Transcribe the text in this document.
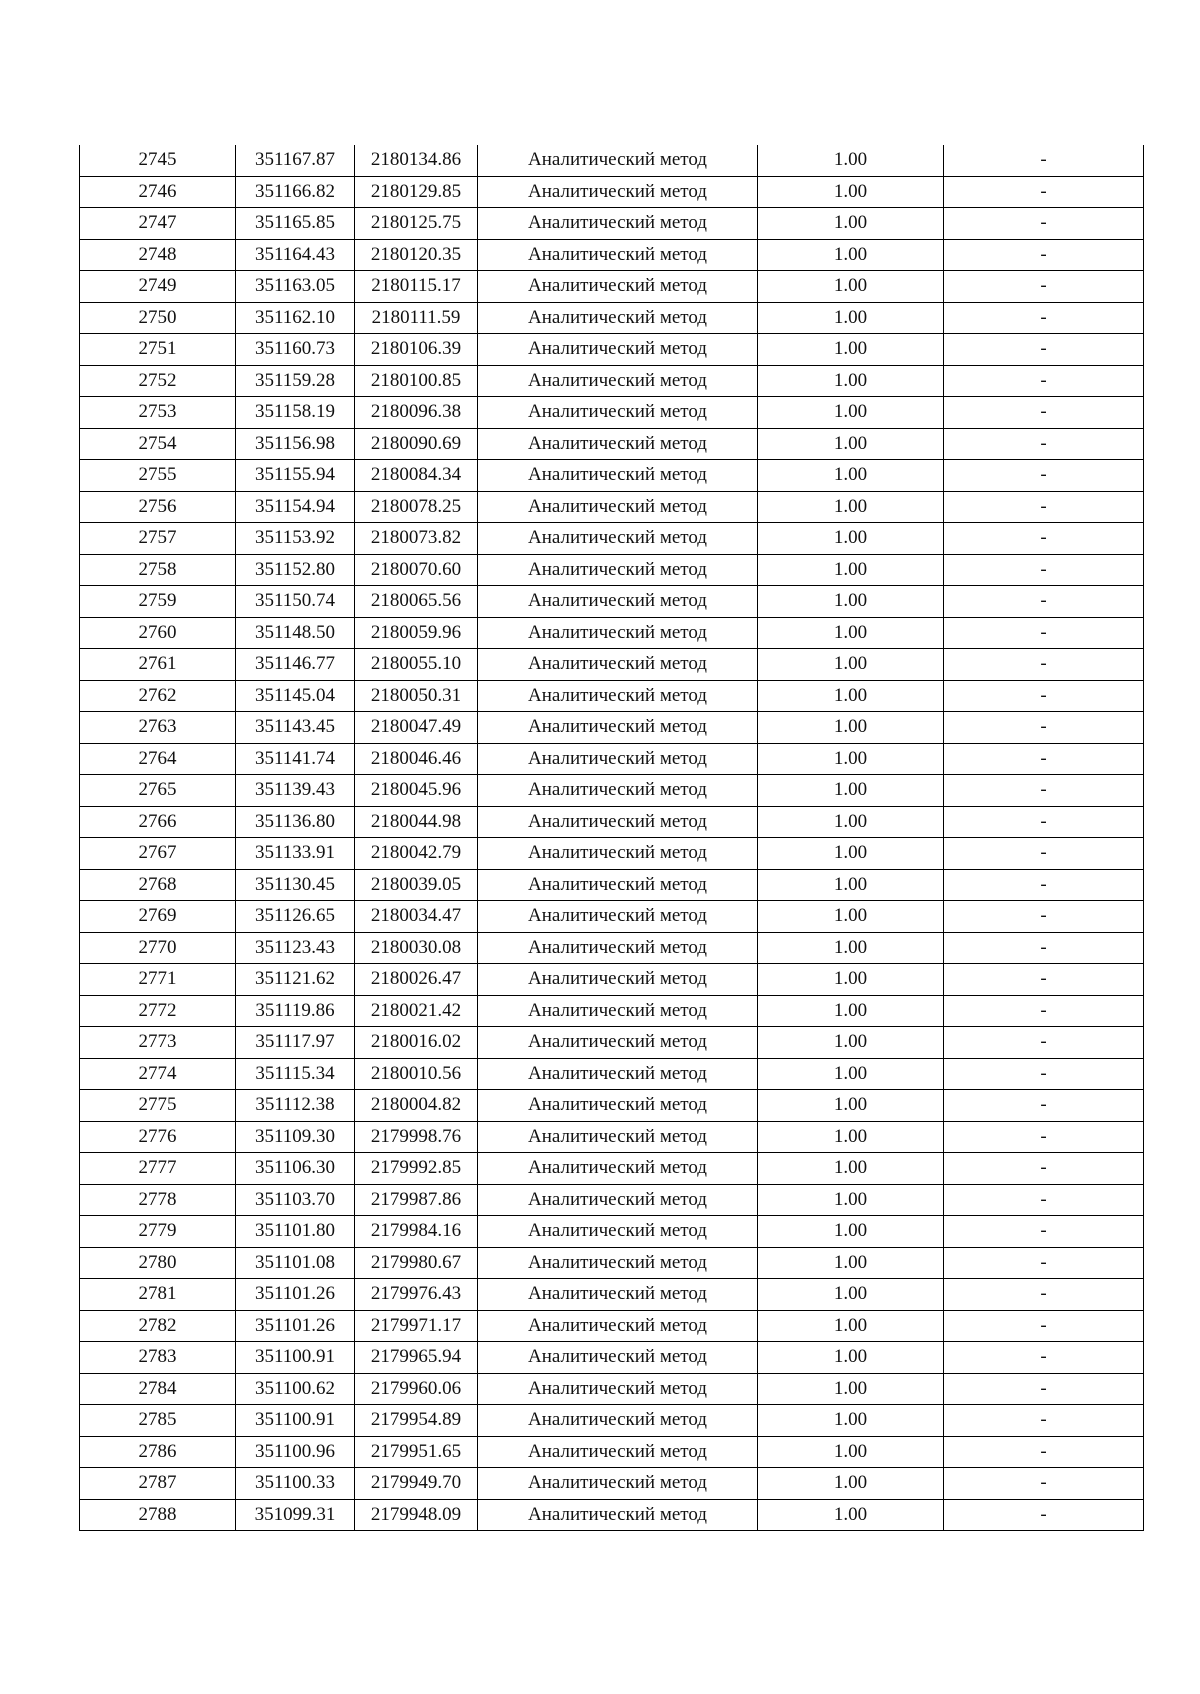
2745	351167.87	2180134.86	Аналитический метод	1.00	-
2746	351166.82	2180129.85	Аналитический метод	1.00	-
2747	351165.85	2180125.75	Аналитический метод	1.00	-
2748	351164.43	2180120.35	Аналитический метод	1.00	-
2749	351163.05	2180115.17	Аналитический метод	1.00	-
2750	351162.10	2180111.59	Аналитический метод	1.00	-
2751	351160.73	2180106.39	Аналитический метод	1.00	-
2752	351159.28	2180100.85	Аналитический метод	1.00	-
2753	351158.19	2180096.38	Аналитический метод	1.00	-
2754	351156.98	2180090.69	Аналитический метод	1.00	-
2755	351155.94	2180084.34	Аналитический метод	1.00	-
2756	351154.94	2180078.25	Аналитический метод	1.00	-
2757	351153.92	2180073.82	Аналитический метод	1.00	-
2758	351152.80	2180070.60	Аналитический метод	1.00	-
2759	351150.74	2180065.56	Аналитический метод	1.00	-
2760	351148.50	2180059.96	Аналитический метод	1.00	-
2761	351146.77	2180055.10	Аналитический метод	1.00	-
2762	351145.04	2180050.31	Аналитический метод	1.00	-
2763	351143.45	2180047.49	Аналитический метод	1.00	-
2764	351141.74	2180046.46	Аналитический метод	1.00	-
2765	351139.43	2180045.96	Аналитический метод	1.00	-
2766	351136.80	2180044.98	Аналитический метод	1.00	-
2767	351133.91	2180042.79	Аналитический метод	1.00	-
2768	351130.45	2180039.05	Аналитический метод	1.00	-
2769	351126.65	2180034.47	Аналитический метод	1.00	-
2770	351123.43	2180030.08	Аналитический метод	1.00	-
2771	351121.62	2180026.47	Аналитический метод	1.00	-
2772	351119.86	2180021.42	Аналитический метод	1.00	-
2773	351117.97	2180016.02	Аналитический метод	1.00	-
2774	351115.34	2180010.56	Аналитический метод	1.00	-
2775	351112.38	2180004.82	Аналитический метод	1.00	-
2776	351109.30	2179998.76	Аналитический метод	1.00	-
2777	351106.30	2179992.85	Аналитический метод	1.00	-
2778	351103.70	2179987.86	Аналитический метод	1.00	-
2779	351101.80	2179984.16	Аналитический метод	1.00	-
2780	351101.08	2179980.67	Аналитический метод	1.00	-
2781	351101.26	2179976.43	Аналитический метод	1.00	-
2782	351101.26	2179971.17	Аналитический метод	1.00	-
2783	351100.91	2179965.94	Аналитический метод	1.00	-
2784	351100.62	2179960.06	Аналитический метод	1.00	-
2785	351100.91	2179954.89	Аналитический метод	1.00	-
2786	351100.96	2179951.65	Аналитический метод	1.00	-
2787	351100.33	2179949.70	Аналитический метод	1.00	-
2788	351099.31	2179948.09	Аналитический метод	1.00	-
